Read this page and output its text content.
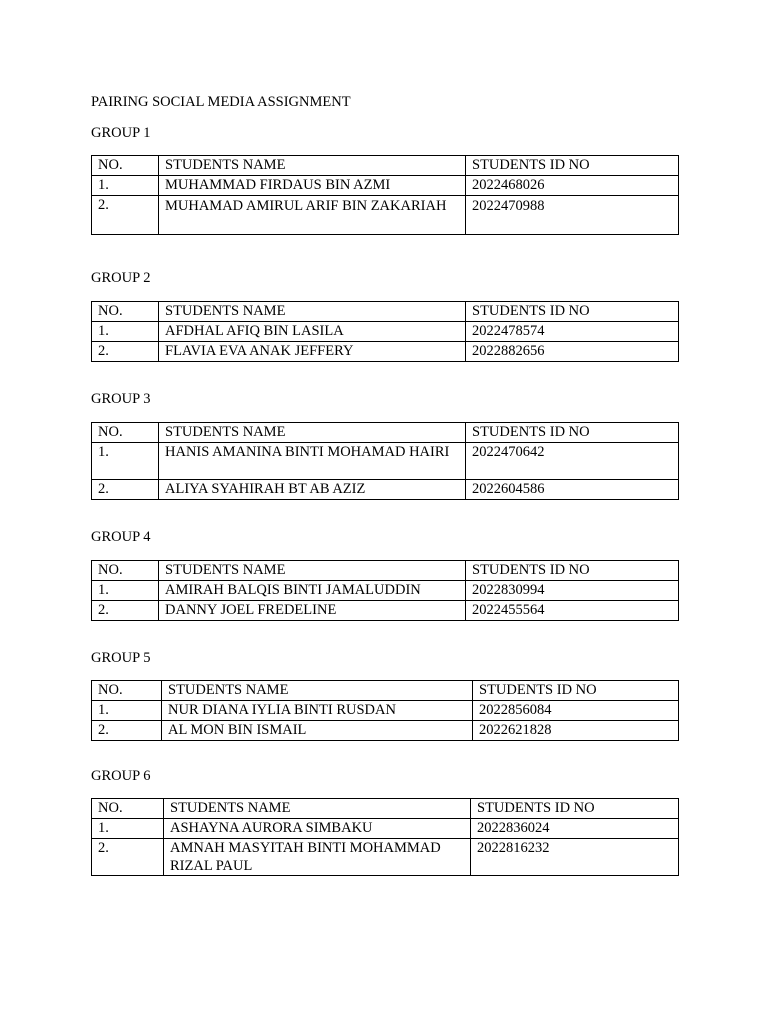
PAIRING SOCIAL MEDIA ASSIGNMENT
GROUP 1
NO.	STUDENTS NAME	STUDENTS ID NO
1.	MUHAMMAD FIRDAUS BIN AZMI	2022468026
2.	MUHAMAD AMIRUL ARIF BIN ZAKARIAH	2022470988
GROUP 2
NO.	STUDENTS NAME	STUDENTS ID NO
1.	AFDHAL AFIQ BIN LASILA	2022478574
2.	FLAVIA EVA ANAK JEFFERY	2022882656
GROUP 3
NO.	STUDENTS NAME	STUDENTS ID NO
1.	HANIS AMANINA BINTI MOHAMAD HAIRI	2022470642
2.	ALIYA SYAHIRAH BT AB AZIZ	2022604586
GROUP 4
NO.	STUDENTS NAME	STUDENTS ID NO
1.	AMIRAH BALQIS BINTI JAMALUDDIN	2022830994
2.	DANNY JOEL FREDELINE	2022455564
GROUP 5
NO.	STUDENTS NAME	STUDENTS ID NO
1.	NUR DIANA IYLIA BINTI RUSDAN	2022856084
2.	AL MON BIN ISMAIL	2022621828
GROUP 6
NO.	STUDENTS NAME	STUDENTS ID NO
1.	ASHAYNA AURORA SIMBAKU	2022836024
2.	AMNAH MASYITAH BINTI MOHAMMAD RIZAL PAUL	2022816232
